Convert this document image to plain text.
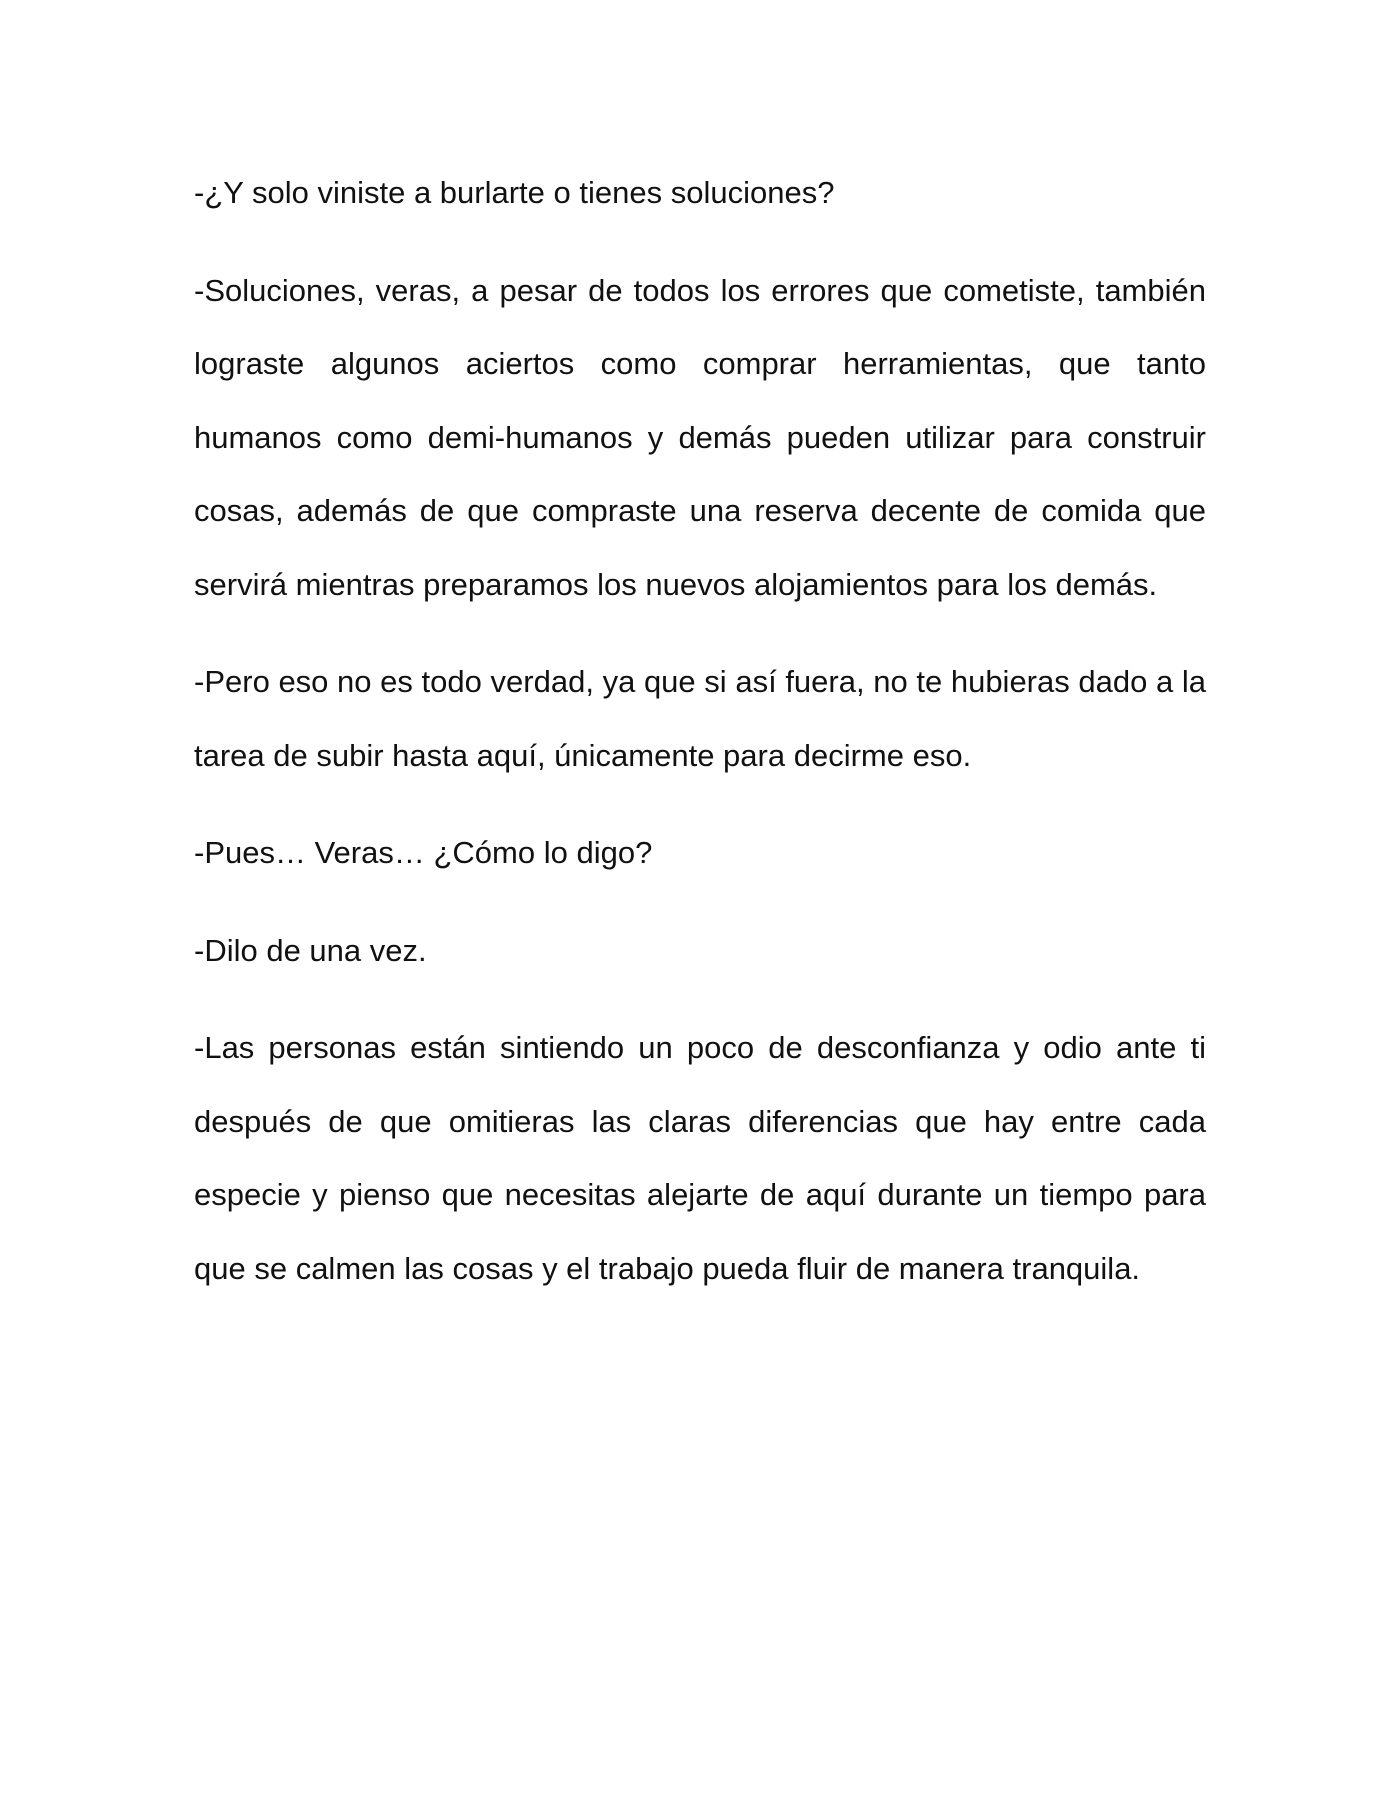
-¿Y solo viniste a burlarte o tienes soluciones?

-Soluciones, veras, a pesar de todos los errores que cometiste, también lograste algunos aciertos como comprar herramientas, que tanto humanos como demi-humanos y demás pueden utilizar para construir cosas, además de que compraste una reserva decente de comida que servirá mientras preparamos los nuevos alojamientos para los demás.

-Pero eso no es todo verdad, ya que si así fuera, no te hubieras dado a la tarea de subir hasta aquí, únicamente para decirme eso.

-Pues… Veras… ¿Cómo lo digo?

-Dilo de una vez.

-Las personas están sintiendo un poco de desconfianza y odio ante ti después de que omitieras las claras diferencias que hay entre cada especie y pienso que necesitas alejarte de aquí durante un tiempo para que se calmen las cosas y el trabajo pueda fluir de manera tranquila.
